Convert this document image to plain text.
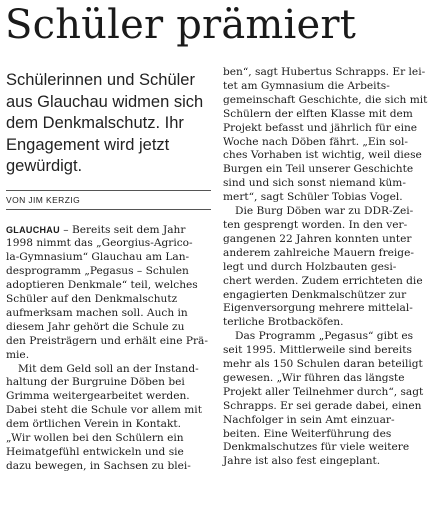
Schüler prämiert

Schülerinnen und Schüler
aus Glauchau widmen sich
dem Denkmalschutz. Ihr
Engagement wird jetzt
gewürdigt.

VON JIM KERZIG

GLAUCHAU – Bereits seit dem Jahr
1998 nimmt das „Georgius-Agrico-
la-Gymnasium“ Glauchau am Lan-
desprogramm „Pegasus – Schulen
adoptieren Denkmale“ teil, welches
Schüler auf den Denkmalschutz
aufmerksam machen soll. Auch in
diesem Jahr gehört die Schule zu
den Preisträgern und erhält eine Prä-
mie.
Mit dem Geld soll an der Instand-
haltung der Burgruine Döben bei
Grimma weitergearbeitet werden.
Dabei steht die Schule vor allem mit
dem örtlichen Verein in Kontakt.
„Wir wollen bei den Schülern ein
Heimatgefühl entwickeln und sie
dazu bewegen, in Sachsen zu blei-

ben“, sagt Hubertus Schrapps. Er lei-
tet am Gymnasium die Arbeits-
gemeinschaft Geschichte, die sich mit
Schülern der elften Klasse mit dem
Projekt befasst und jährlich für eine
Woche nach Döben fährt. „Ein sol-
ches Vorhaben ist wichtig, weil diese
Burgen ein Teil unserer Geschichte
sind und sich sonst niemand küm-
mert“, sagt Schüler Tobias Vogel.
Die Burg Döben war zu DDR-Zei-
ten gesprengt worden. In den ver-
gangenen 22 Jahren konnten unter
anderem zahlreiche Mauern freige-
legt und durch Holzbauten gesi-
chert werden. Zudem errichteten die
engagierten Denkmalschützer zur
Eigenversorgung mehrere mittelal-
terliche Brotbacköfen.
Das Programm „Pegasus“ gibt es
seit 1995. Mittlerweile sind bereits
mehr als 150 Schulen daran beteiligt
gewesen. „Wir führen das längste
Projekt aller Teilnehmer durch“, sagt
Schrapps. Er sei gerade dabei, einen
Nachfolger in sein Amt einzuar-
beiten. Eine Weiterführung des
Denkmalschutzes für viele weitere
Jahre ist also fest eingeplant.
